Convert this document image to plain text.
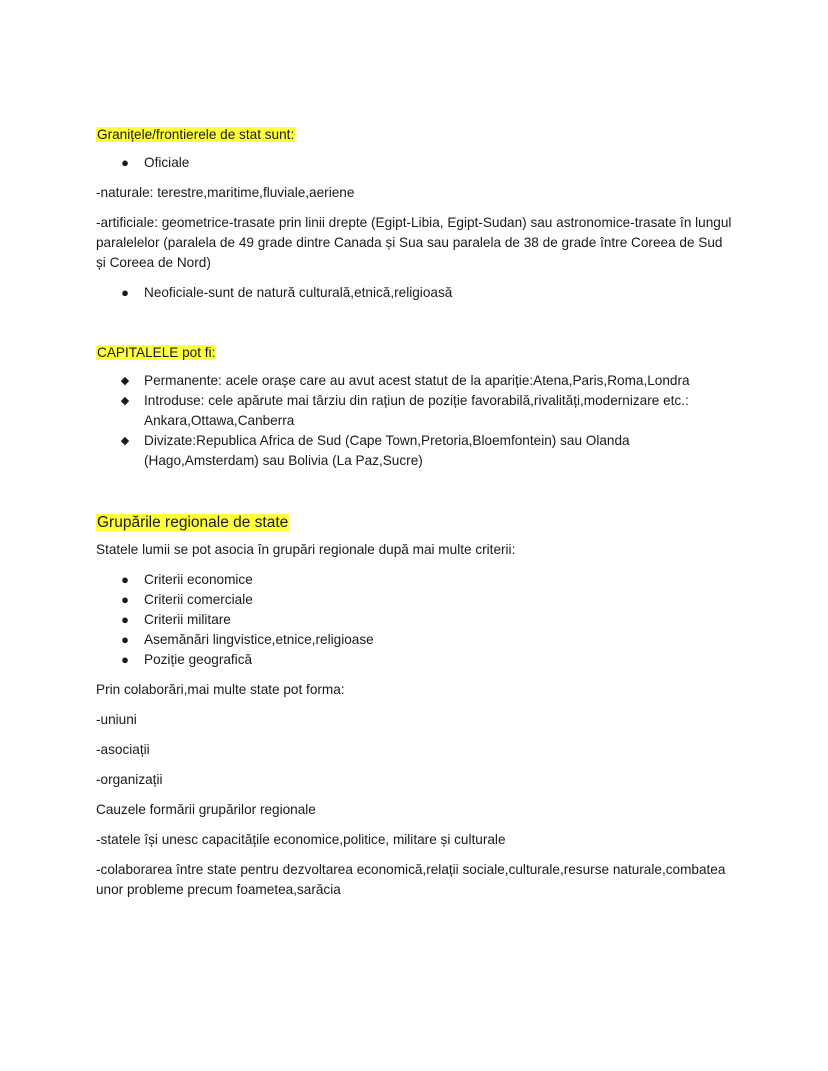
Granițele/frontierele de stat sunt:
● Oficiale

-naturale: terestre,maritime,fluviale,aeriene

-artificiale: geometrice-trasate prin linii drepte (Egipt-Libia, Egipt-Sudan) sau astronomice-trasate în lungul paralelelor (paralela de 49 grade dintre Canada și Sua sau paralela de 38 de grade între Coreea de Sud și Coreea de Nord)

● Neoficiale-sunt de natură culturală,etnică,religioasă
CAPITALELE pot fi:
◆ Permanente: acele orașe care au avut acest statut de la apariție:Atena,Paris,Roma,Londra
◆ Introduse: cele apărute mai târziu din rațiun de poziție favorabilă,rivalități,modernizare etc.: Ankara,Ottawa,Canberra
◆ Divizate:Republica Africa de Sud (Cape Town,Pretoria,Bloemfontein) sau Olanda (Hago,Amsterdam) sau Bolivia (La Paz,Sucre)
Grupările regionale de state

Statele lumii se pot asocia în grupări regionale după mai multe criterii:

● Criterii economice
● Criterii comerciale
● Criterii militare
● Asemănări lingvistice,etnice,religioase
● Poziție geografică

Prin colaborări,mai multe state pot forma:

-uniuni

-asociații

-organizații

Cauzele formării grupărilor regionale

-statele își unesc capacitățile economice,politice, militare și culturale

-colaborarea între state pentru dezvoltarea economică,relații sociale,culturale,resurse naturale,combatea unor probleme precum foametea,sarăcia
